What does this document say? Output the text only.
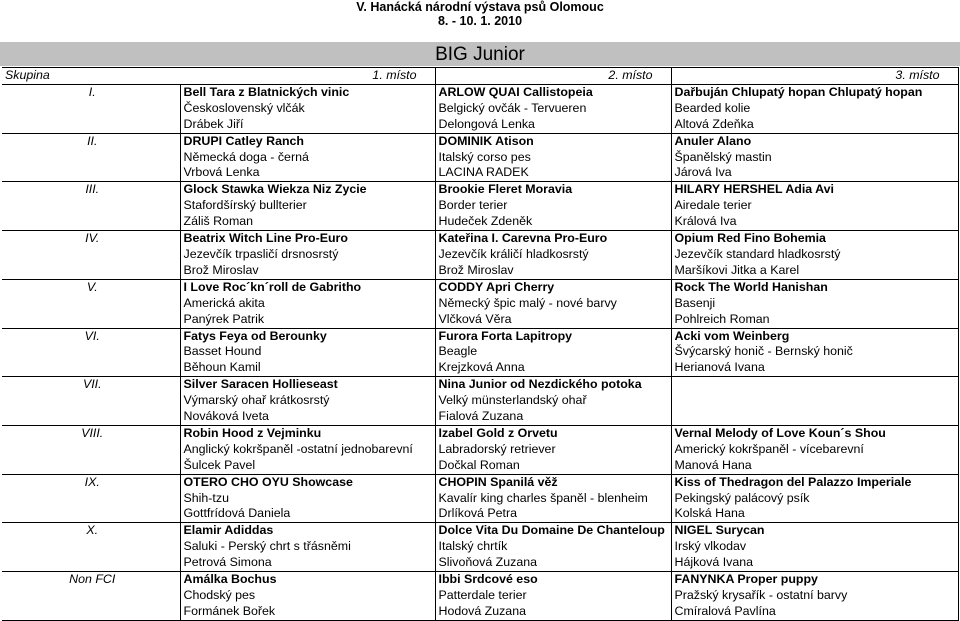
V. Hanácká národní výstava psů Olomouc
8. - 10. 1. 2010
BIG Junior
Skupina	1. místo	2. místo	3. místo
I.	Bell Tara z Blatnických vinic	ARLOW QUAI Callistopeia	Dařbuján Chlupatý hopan Chlupatý hopan
	Československý vlčák	Belgický ovčák - Tervueren	Bearded kolie
	Drábek Jiří	Delongová Lenka	Altová Zdeňka
II.	DRUPI Catley Ranch	DOMINIK Atison	Anuler Alano
	Německá doga - černá	Italský corso pes	Španělský mastin
	Vrbová Lenka	LACINA RADEK	Járová Iva
III.	Glock Stawka Wiekza Niz Zycie	Brookie Fleret Moravia	HILARY HERSHEL Adia Avi
	Stafordšírský bullterier	Border terier	Airedale terier
	Záliš Roman	Hudeček Zdeněk	Králová Iva
IV.	Beatrix Witch Line Pro-Euro	Kateřina I. Carevna Pro-Euro	Opium Red Fino Bohemia
	Jezevčík trpasličí drsnosrstý	Jezevčík králičí hladkosrstý	Jezevčík standard hladkosrstý
	Brož Miroslav	Brož Miroslav	Maršíkovi Jitka a Karel
V.	I Love Roc´kn´roll de Gabritho	CODDY Apri Cherry	Rock The World Hanishan
	Americká akita	Německý špic malý - nové barvy	Basenji
	Panýrek Patrik	Vlčková Věra	Pohlreich Roman
VI.	Fatys Feya od Berounky	Furora Forta Lapitropy	Acki vom Weinberg
	Basset Hound	Beagle	Švýcarský honič - Bernský honič
	Běhoun Kamil	Krejzková Anna	Herianová Ivana
VII.	Silver Saracen Hollieseast	Nina Junior od Nezdického potoka	
	Výmarský ohař krátkosrstý	Velký münsterlandský ohař	
	Nováková Iveta	Fialová Zuzana	
VIII.	Robin Hood z Vejminku	Izabel Gold z Orvetu	Vernal Melody of Love Koun´s Shou
	Anglický kokršpaněl -ostatní jednobarevní	Labradorský retriever	Americký kokršpaněl - vícebarevní
	Šulcek Pavel	Dočkal Roman	Manová Hana
IX.	OTERO CHO OYU Showcase	CHOPIN Spanilá věž	Kiss of Thedragon del Palazzo Imperiale
	Shih-tzu	Kavalír king charles španěl - blenheim	Pekingský palácový psík
	Gottfrídová Daniela	Drlíková Petra	Kolská Hana
X.	Elamir Adiddas	Dolce Vita Du Domaine De Chanteloup	NIGEL Surycan
	Saluki - Perský chrt s třásněmi	Italský chrtík	Irský vlkodav
	Petrová Simona	Slivoňová Zuzana	Hájková Ivana
Non FCI	Amálka Bochus	Ibbi Srdcové eso	FANYNKA Proper puppy
	Chodský pes	Patterdale terier	Pražský krysařík - ostatní barvy
	Formánek Bořek	Hodová Zuzana	Cmíralová Pavlína
